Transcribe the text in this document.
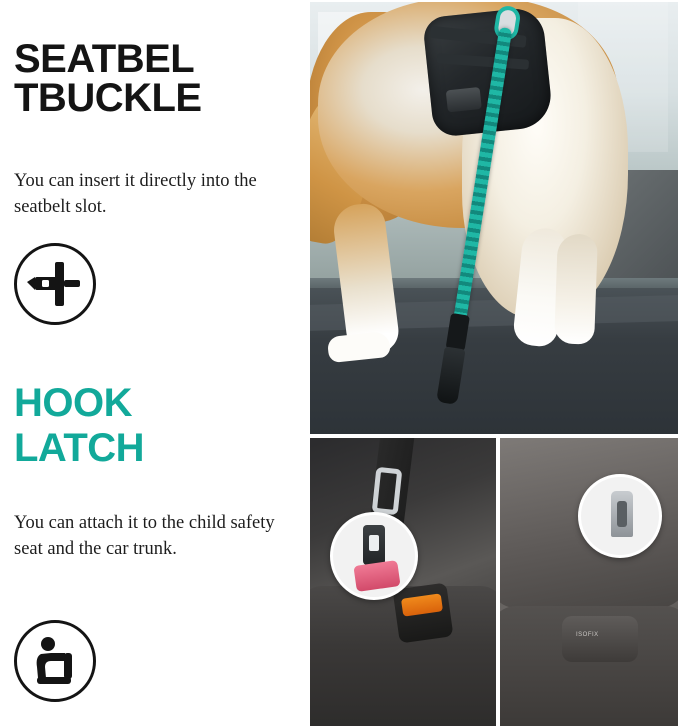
SEATBEL
TBUCKLE
You can insert it directly into the seatbelt slot.
HOOK
LATCH
You can attach it to the child safety seat and the car trunk.
ISOFIX
